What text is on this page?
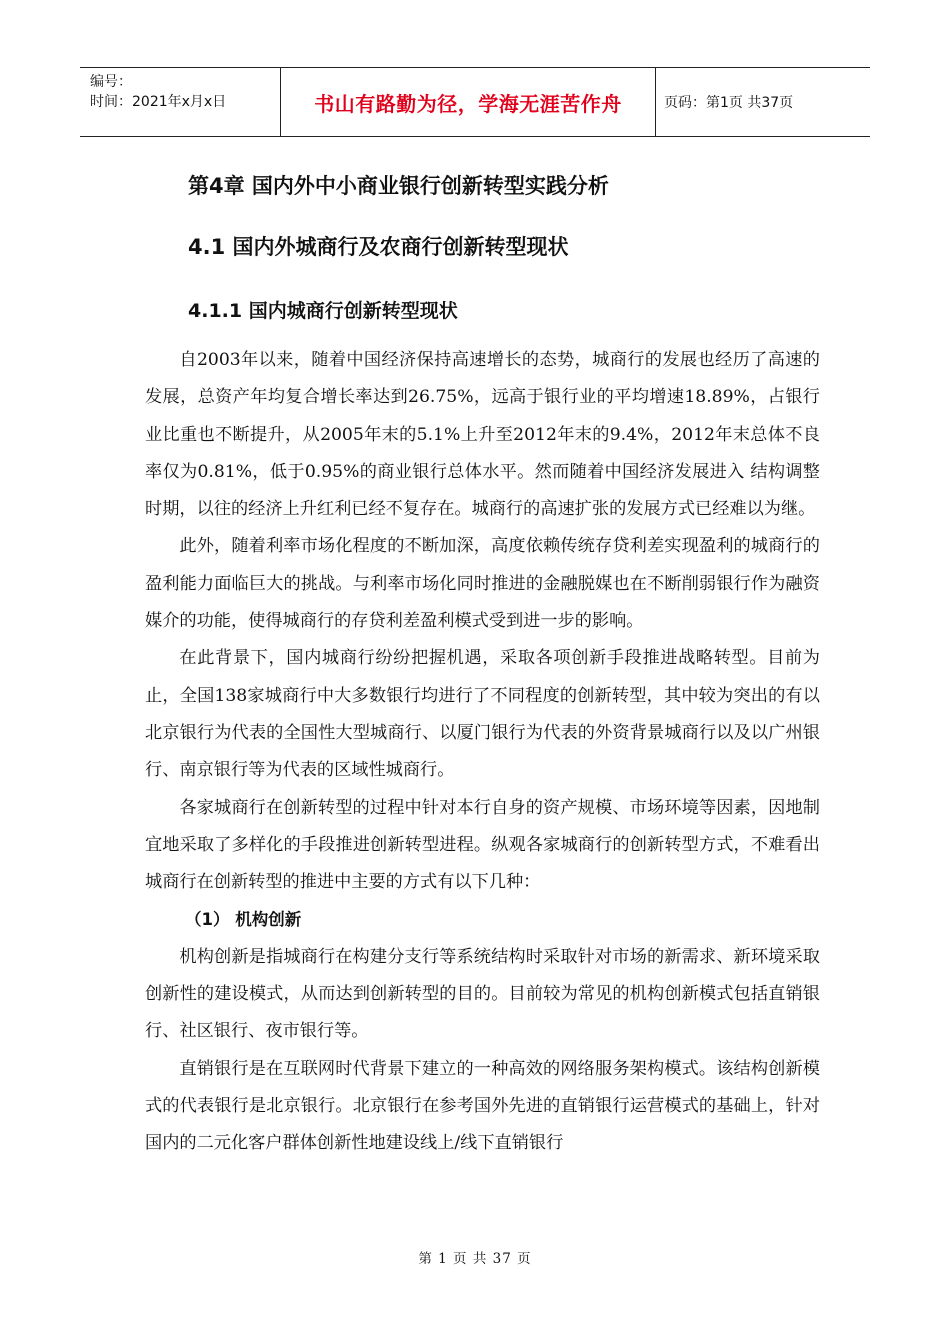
编号：
时间：2021年x月x日	书山有路勤为径，学海无涯苦作舟	页码：第1页 共37页
第4章 国内外中小商业银行创新转型实践分析
4.1 国内外城商行及农商行创新转型现状
4.1.1 国内城商行创新转型现状

自2003年以来，随着中国经济保持高速增长的态势，城商行的发展也经历了高速的发展，总资产年均复合增长率达到26.75%，远高于银行业的平均增速18.89%，占银行业比重也不断提升，从2005年末的5.1%上升至2012年末的9.4%，2012年末总体不良率仅为0.81%，低于0.95%的商业银行总体水平。然而随着中国经济发展进入 结构调整时期，以往的经济上升红利已经不复存在。城商行的高速扩张的发展方式已经难以为继。

此外，随着利率市场化程度的不断加深，高度依赖传统存贷利差实现盈利的城商行的盈利能力面临巨大的挑战。与利率市场化同时推进的金融脱媒也在不断削弱银行作为融资媒介的功能，使得城商行的存贷利差盈利模式受到进一步的影响。

在此背景下，国内城商行纷纷把握机遇，采取各项创新手段推进战略转型。目前为止，全国138家城商行中大多数银行均进行了不同程度的创新转型，其中较为突出的有以北京银行为代表的全国性大型城商行、以厦门银行为代表的外资背景城商行以及以广州银行、南京银行等为代表的区域性城商行。

各家城商行在创新转型的过程中针对本行自身的资产规模、市场环境等因素，因地制宜地采取了多样化的手段推进创新转型进程。纵观各家城商行的创新转型方式，不难看出城商行在创新转型的推进中主要的方式有以下几种：

（1） 机构创新

机构创新是指城商行在构建分支行等系统结构时采取针对市场的新需求、新环境采取创新性的建设模式，从而达到创新转型的目的。目前较为常见的机构创新模式包括直销银行、社区银行、夜市银行等。

直销银行是在互联网时代背景下建立的一种高效的网络服务架构模式。该结构创新模式的代表银行是北京银行。北京银行在参考国外先进的直销银行运营模式的基础上，针对国内的二元化客户群体创新性地建设线上/线下直销银行

第 1 页 共 37 页
